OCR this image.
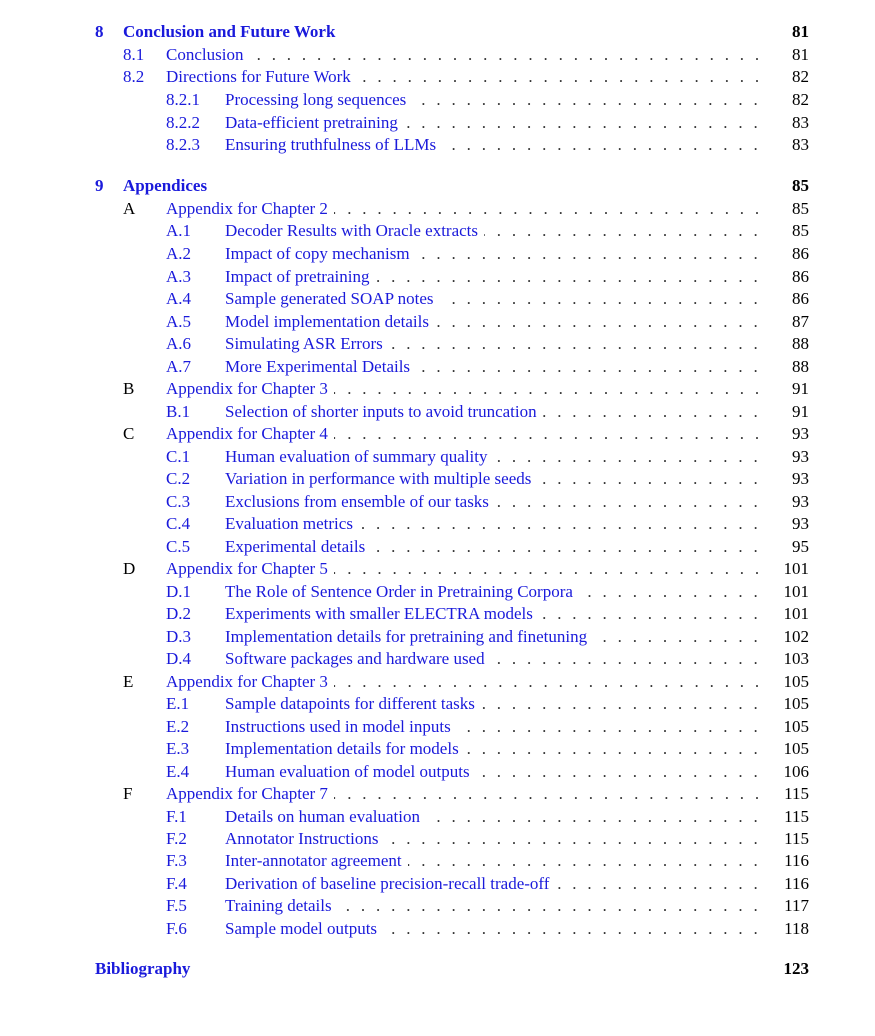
8 Conclusion and Future Work	81
8.1 . . . Conclusion	81
8.2 . . . Directions for Future Work	82
8.2.1 . . . Processing long sequences	82
8.2.2 . . . Data-efficient pretraining	83
8.2.3 . . . Ensuring truthfulness of LLMs	83
9 Appendices	85
A . . . Appendix for Chapter 2	85
A.1 . . . Decoder Results with Oracle extracts	85
A.2 . . . Impact of copy mechanism	86
A.3 . . . Impact of pretraining	86
A.4 . . . Sample generated SOAP notes	86
A.5 . . . Model implementation details	87
A.6 . . . Simulating ASR Errors	88
A.7 . . . More Experimental Details	88
B . . . Appendix for Chapter 3	91
B.1 . . . Selection of shorter inputs to avoid truncation	91
C . . . Appendix for Chapter 4	93
C.1 . . . Human evaluation of summary quality	93
C.2 . . . Variation in performance with multiple seeds	93
C.3 . . . Exclusions from ensemble of our tasks	93
C.4 . . . Evaluation metrics	93
C.5 . . . Experimental details	95
D . . . Appendix for Chapter 5	101
D.1 . . . The Role of Sentence Order in Pretraining Corpora	101
D.2 . . . Experiments with smaller ELECTRA models	101
D.3 . . . Implementation details for pretraining and finetuning	102
D.4 . . . Software packages and hardware used	103
E . . . Appendix for Chapter 3	105
E.1 . . . Sample datapoints for different tasks	105
E.2 . . . Instructions used in model inputs	105
E.3 . . . Implementation details for models	105
E.4 . . . Human evaluation of model outputs	106
F . . . Appendix for Chapter 7	115
F.1 . . . Details on human evaluation	115
F.2 . . . Annotator Instructions	115
F.3 . . . Inter-annotator agreement	116
F.4 . . . Derivation of baseline precision-recall trade-off	116
F.5 . . . Training details	117
F.6 . . . Sample model outputs	118
Bibliography	123
